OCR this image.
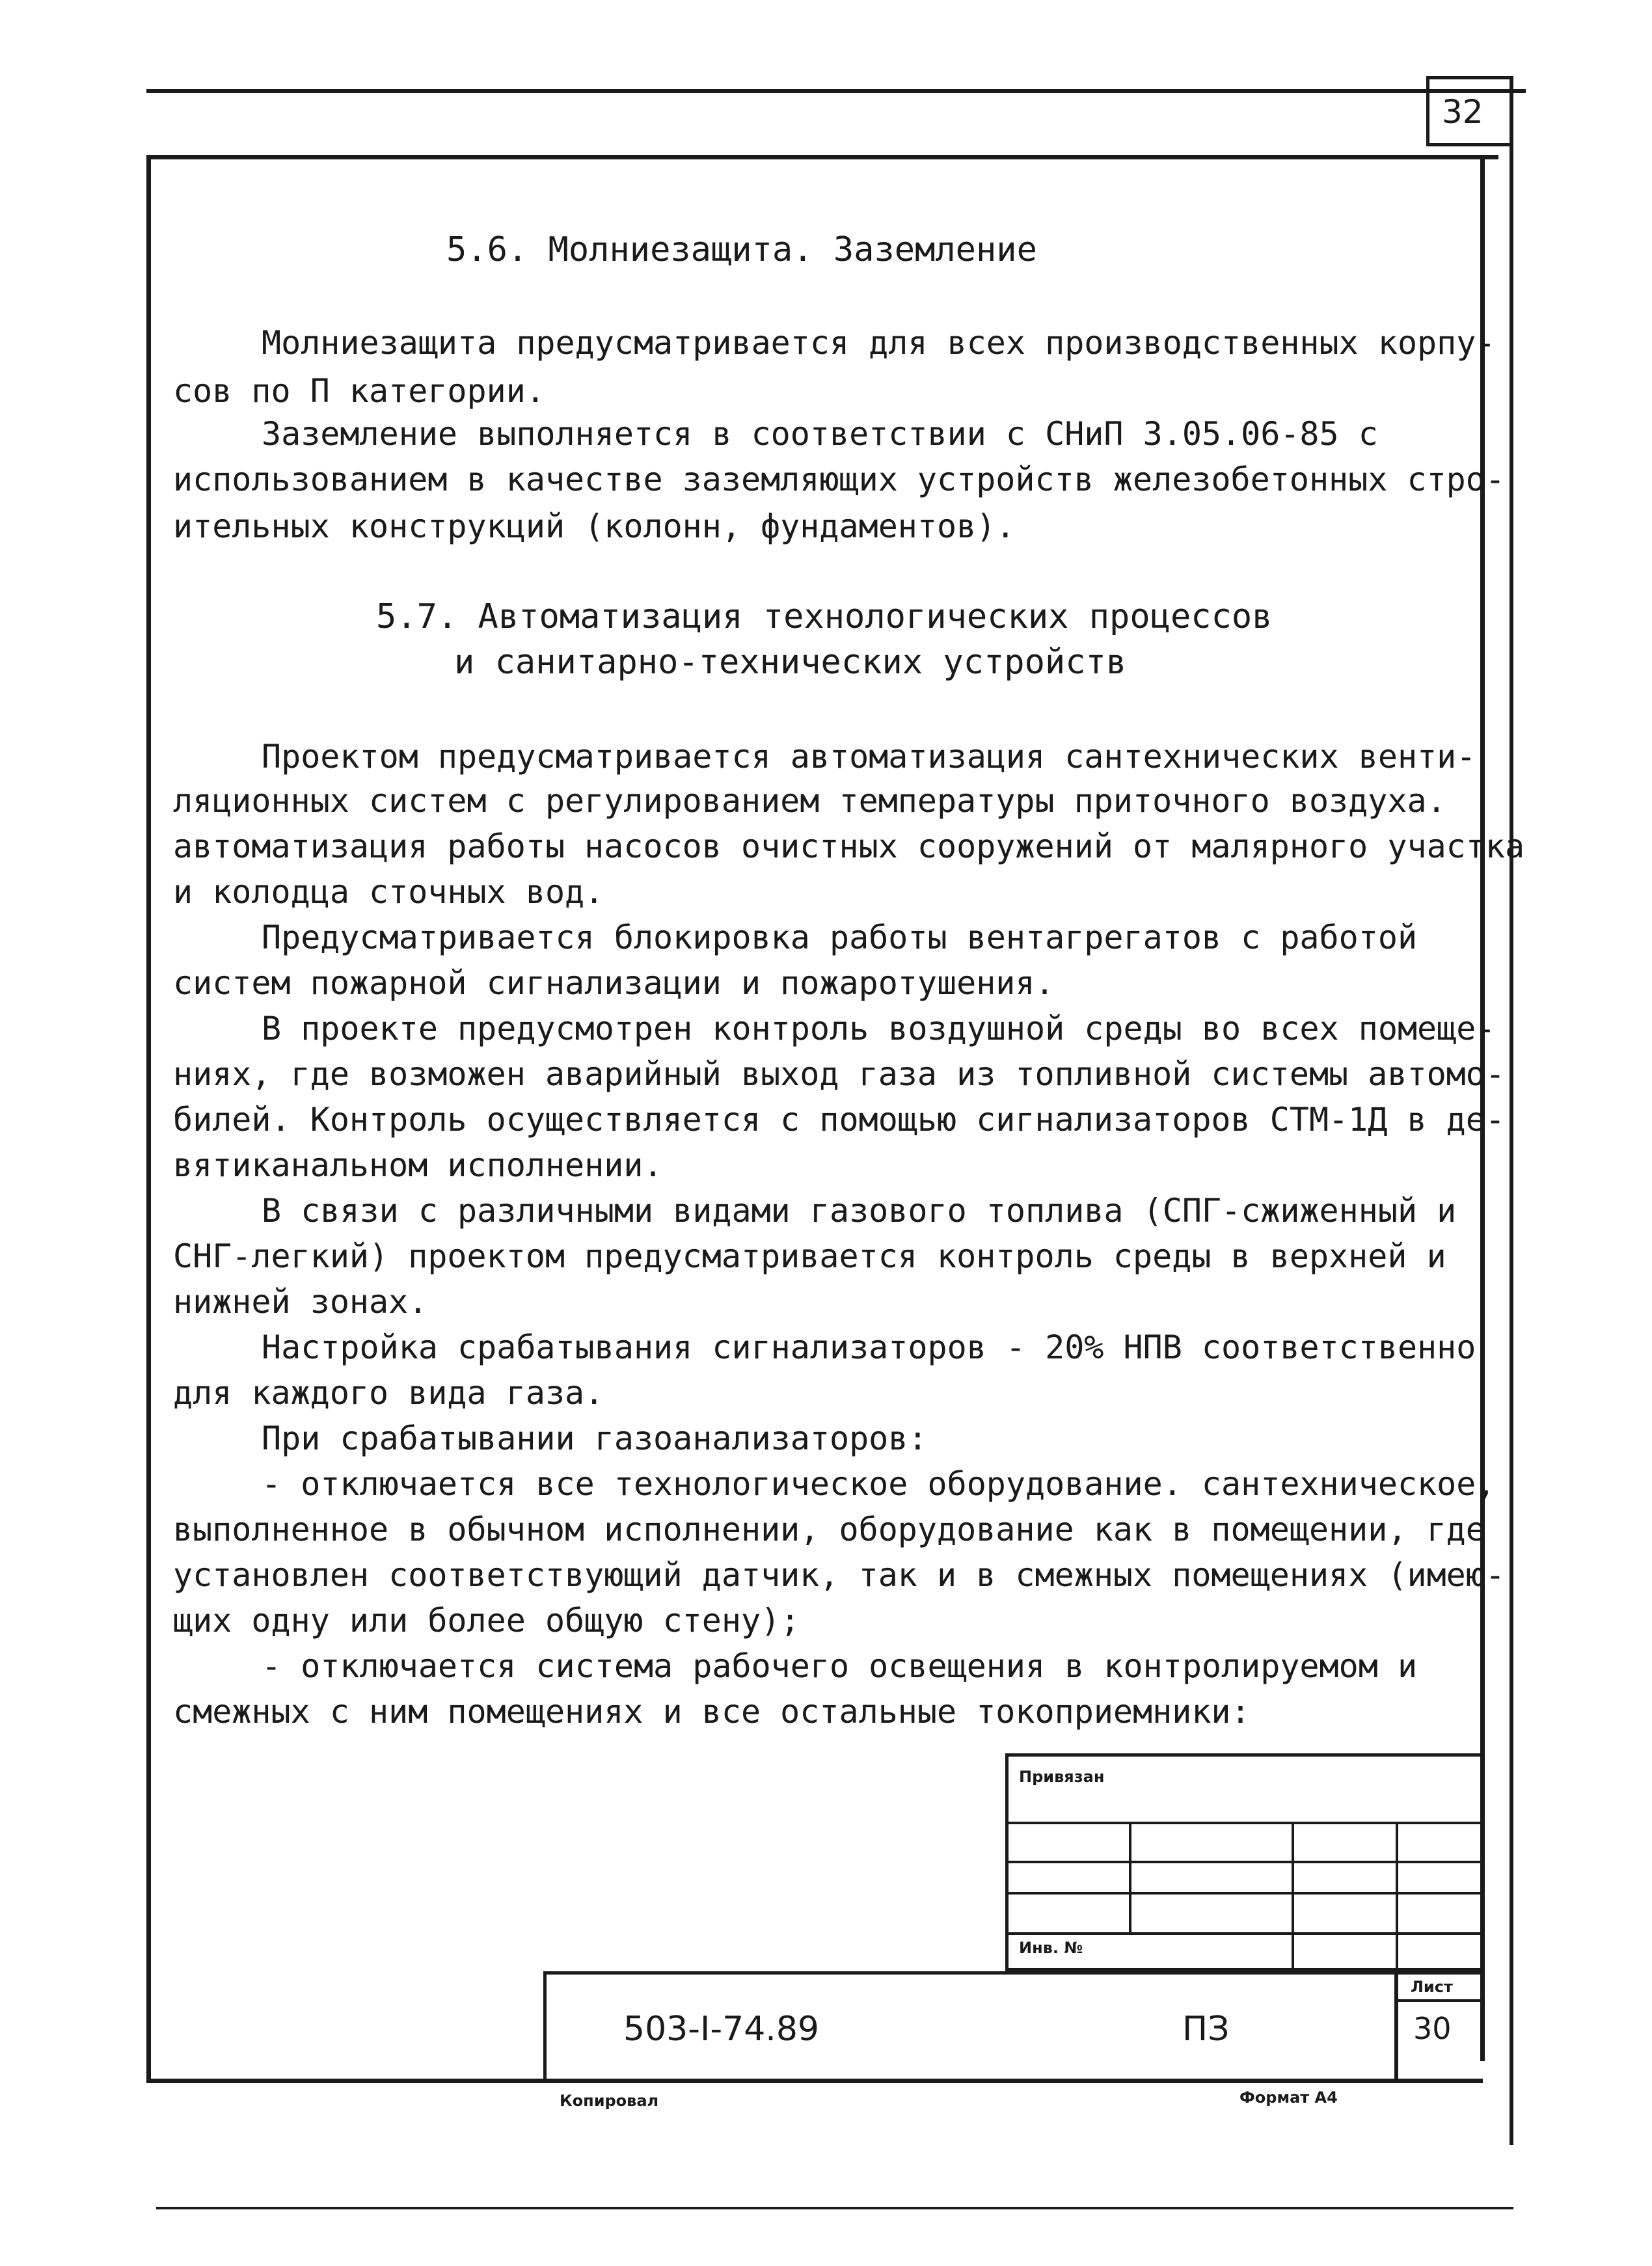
32
5.6. Молниезащита. Заземление
Молниезащита предусматривается для всех производственных корпу-
сов по П категории.
Заземление выполняется в соответствии с СНиП 3.05.06-85 с
использованием в качестве заземляющих устройств железобетонных стро-
ительных конструкций (колонн, фундаментов).
5.7. Автоматизация технологических процессов
и санитарно-технических устройств
Проектом предусматривается автоматизация сантехнических венти-
ляционных систем с регулированием температуры приточного воздуха.
автоматизация работы насосов очистных сооружений от малярного участка
и колодца сточных вод.
Предусматривается блокировка работы вентагрегатов с работой
систем пожарной сигнализации и пожаротушения.
В проекте предусмотрен контроль воздушной среды во всех помеще-
ниях, где возможен аварийный выход газа из топливной системы автомо-
билей. Контроль осуществляется с помощью сигнализаторов СТМ-1Д в де-
вятиканальном исполнении.
В связи с различными видами газового топлива (СПГ-сжиженный и
СНГ-легкий) проектом предусматривается контроль среды в верхней и
нижней зонах.
Настройка срабатывания сигнализаторов - 20% НПВ соответственно
для каждого вида газа.
При срабатывании газоанализаторов:
- отключается все технологическое оборудование. сантехническое,
выполненное в обычном исполнении, оборудование как в помещении, где
установлен соответствующий датчик, так и в смежных помещениях (имею-
щих одну или более общую стену);
- отключается система рабочего освещения в контролируемом и
смежных с ним помещениях и все остальные токоприемники:
Привязан
Инв. №
503-I-74.89	ПЗ
Лист
30
Копировал	Формат А4
